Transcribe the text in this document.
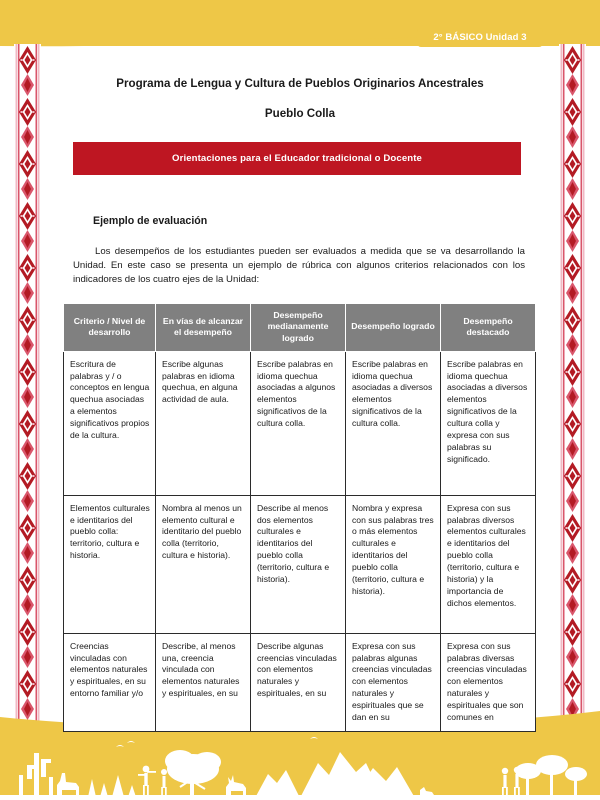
2° BÁSICO Unidad 3
Programa de Lengua y Cultura de Pueblos Originarios Ancestrales
Pueblo Colla
Orientaciones para el Educador tradicional o Docente
Ejemplo de evaluación

Los desempeños de los estudiantes pueden ser evaluados a medida que se va desarrollando la Unidad. En este caso se presenta un ejemplo de rúbrica con algunos criterios relacionados con los indicadores de los cuatro ejes de la Unidad:

Criterio / Nivel de desarrollo	En vías de alcanzar el desempeño	Desempeño medianamente logrado	Desempeño logrado	Desempeño destacado
Escritura de palabras y / o conceptos en lengua quechua asociadas a elementos significativos propios de la cultura.	Escribe algunas palabras en idioma quechua, en alguna actividad de aula.	Escribe palabras en idioma quechua asociadas a algunos elementos significativos de la cultura colla.	Escribe palabras en idioma quechua asociadas a diversos elementos significativos de la cultura colla.	Escribe palabras en idioma quechua asociadas a diversos elementos significativos de la cultura colla y expresa con sus palabras su significado.
Elementos culturales e identitarios del pueblo colla: territorio, cultura e historia.	Nombra al menos un elemento cultural e identitario del pueblo colla (territorio, cultura e historia).	Describe al menos dos elementos culturales e identitarios del pueblo colla (territorio, cultura e historia).	Nombra y expresa con sus palabras tres o más elementos culturales e identitarios del pueblo colla (territorio, cultura e historia).	Expresa con sus palabras diversos elementos culturales e identitarios del pueblo colla (territorio, cultura e historia) y la importancia de dichos elementos.
Creencias vinculadas con elementos naturales y espirituales, en su entorno familiar y/o	Describe, al menos una, creencia vinculada con elementos naturales y espirituales, en su	Describe algunas creencias vinculadas con elementos naturales y espirituales, en su	Expresa con sus palabras algunas creencias vinculadas con elementos naturales y espirituales que se dan en su	Expresa con sus palabras diversas creencias vinculadas con elementos naturales y espirituales que son comunes en
